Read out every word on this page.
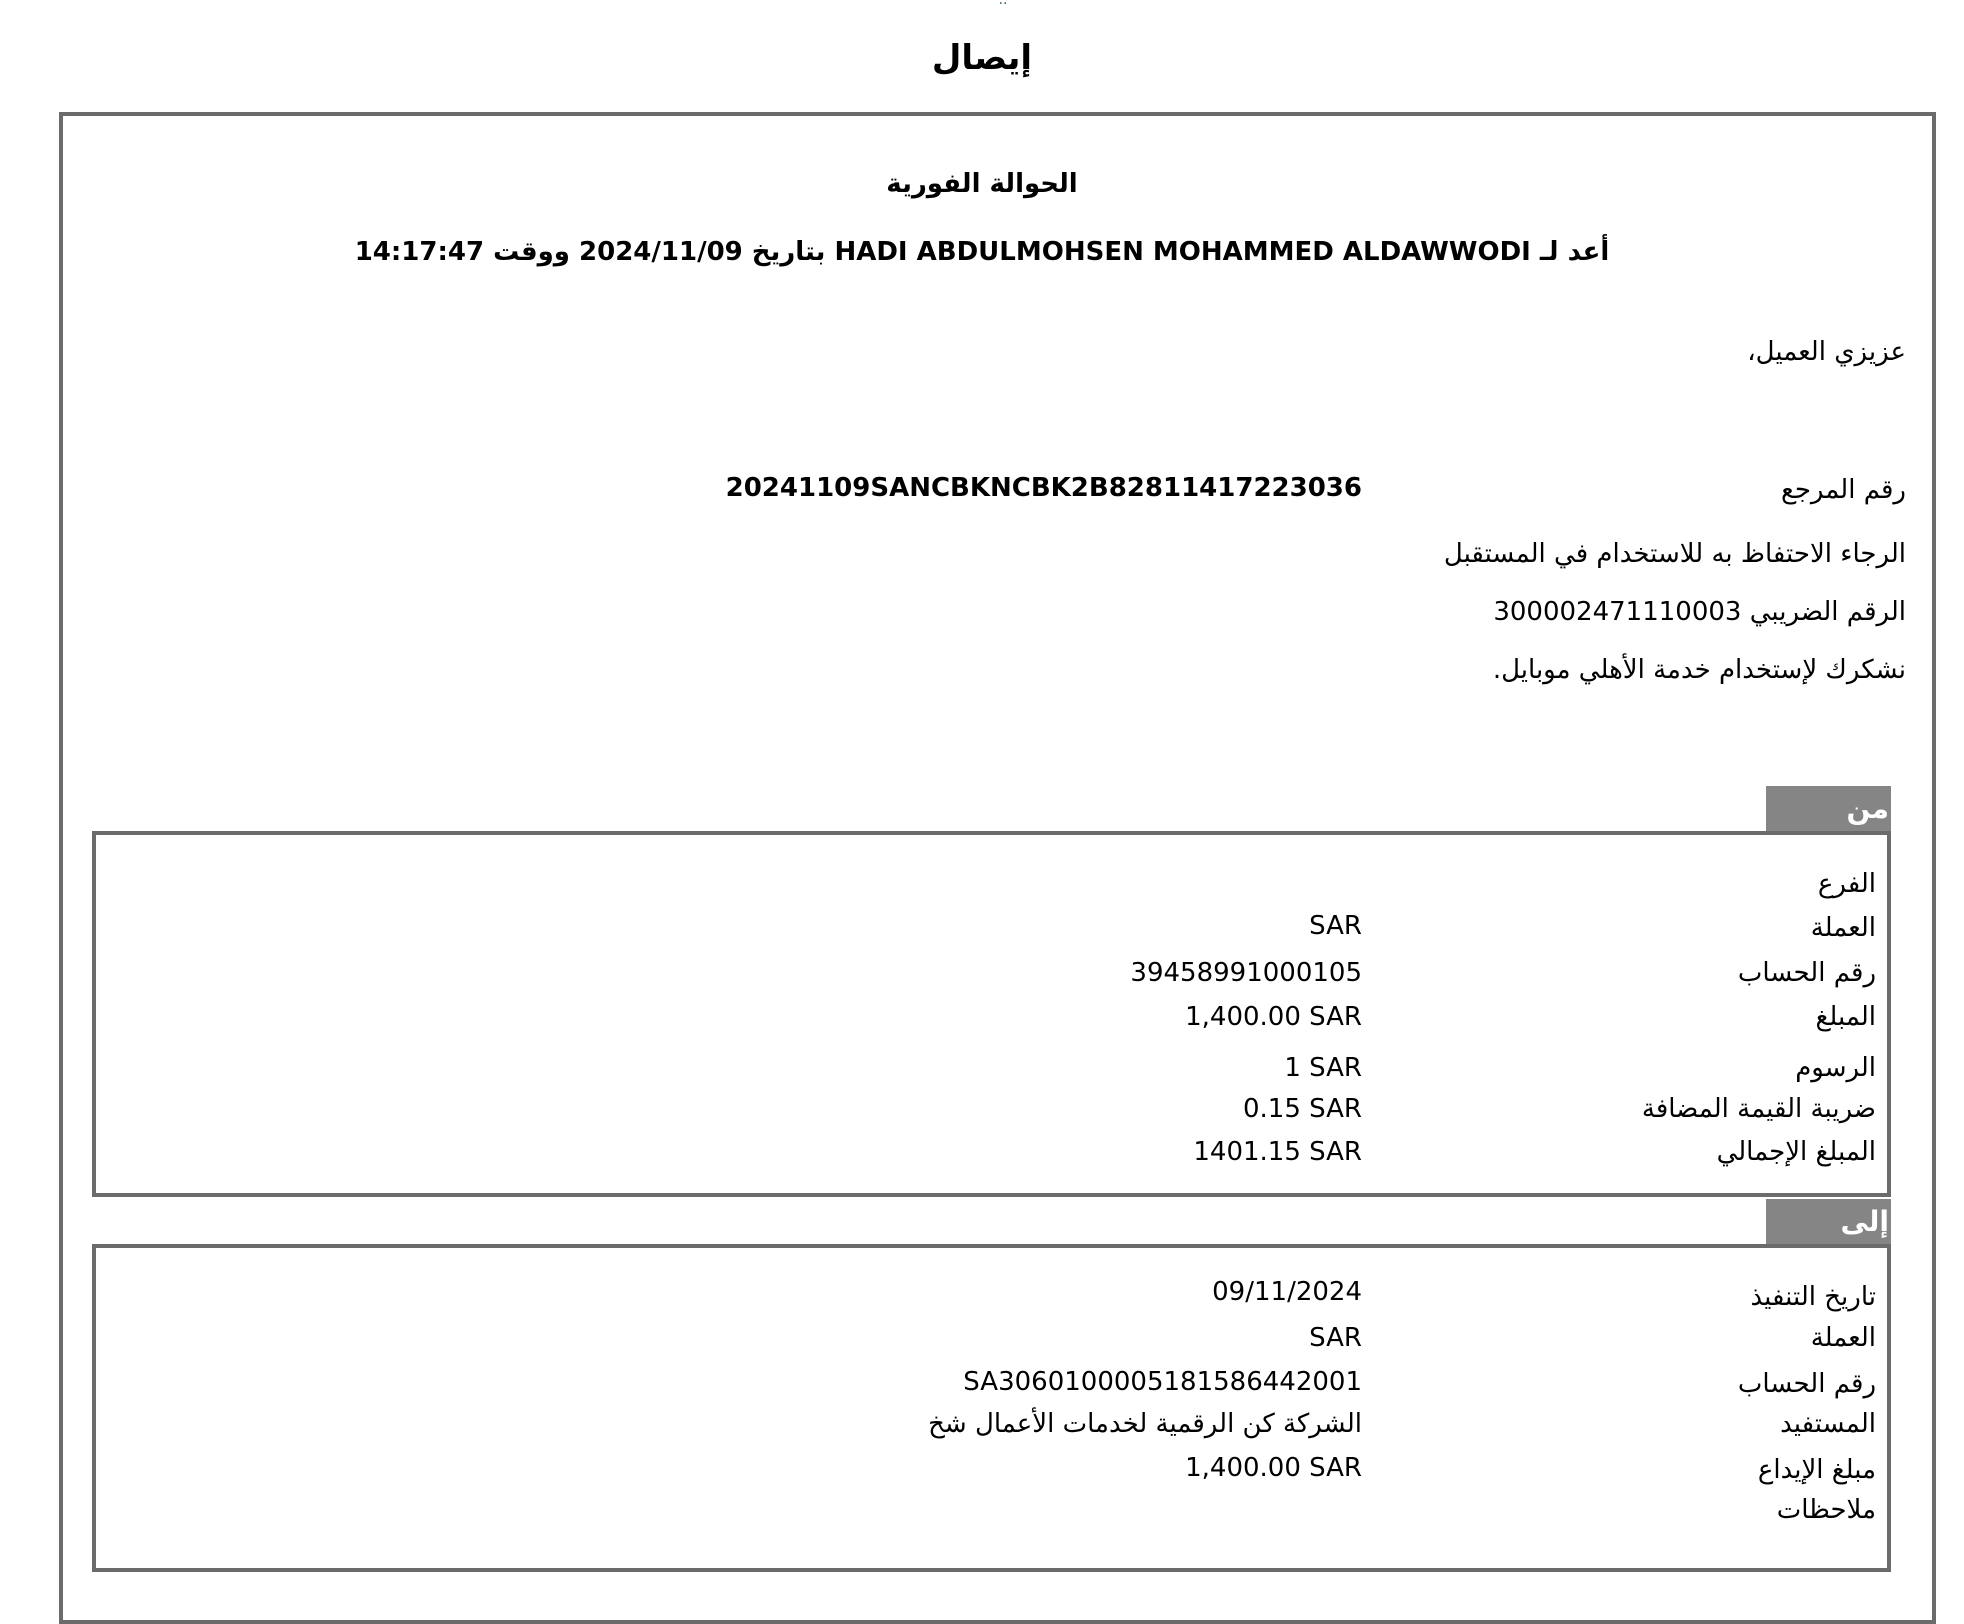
··
إيصال
الحوالة الفورية
أعد لـ HADI ABDULMOHSEN MOHAMMED ALDAWWODI بتاريخ 2024/11/09 ووقت 14:17:47
عزيزي العميل،
رقم المرجع
20241109SANCBKNCBK2B82811417223036
الرجاء الاحتفاظ به للاستخدام في المستقبل
الرقم الضريبي 300002471110003
نشكرك لإستخدام خدمة الأهلي موبايل.
من
الفرع
العملة
SAR
رقم الحساب
39458991000105
المبلغ
1,400.00 SAR
الرسوم
1 SAR
ضريبة القيمة المضافة
0.15 SAR
المبلغ الإجمالي
1401.15 SAR
إلى
تاريخ التنفيذ
09/11/2024
العملة
SAR
رقم الحساب
SA3060100005181586442001
المستفيد
الشركة كن الرقمية لخدمات الأعمال شخ
مبلغ الإيداع
1,400.00 SAR
ملاحظات
